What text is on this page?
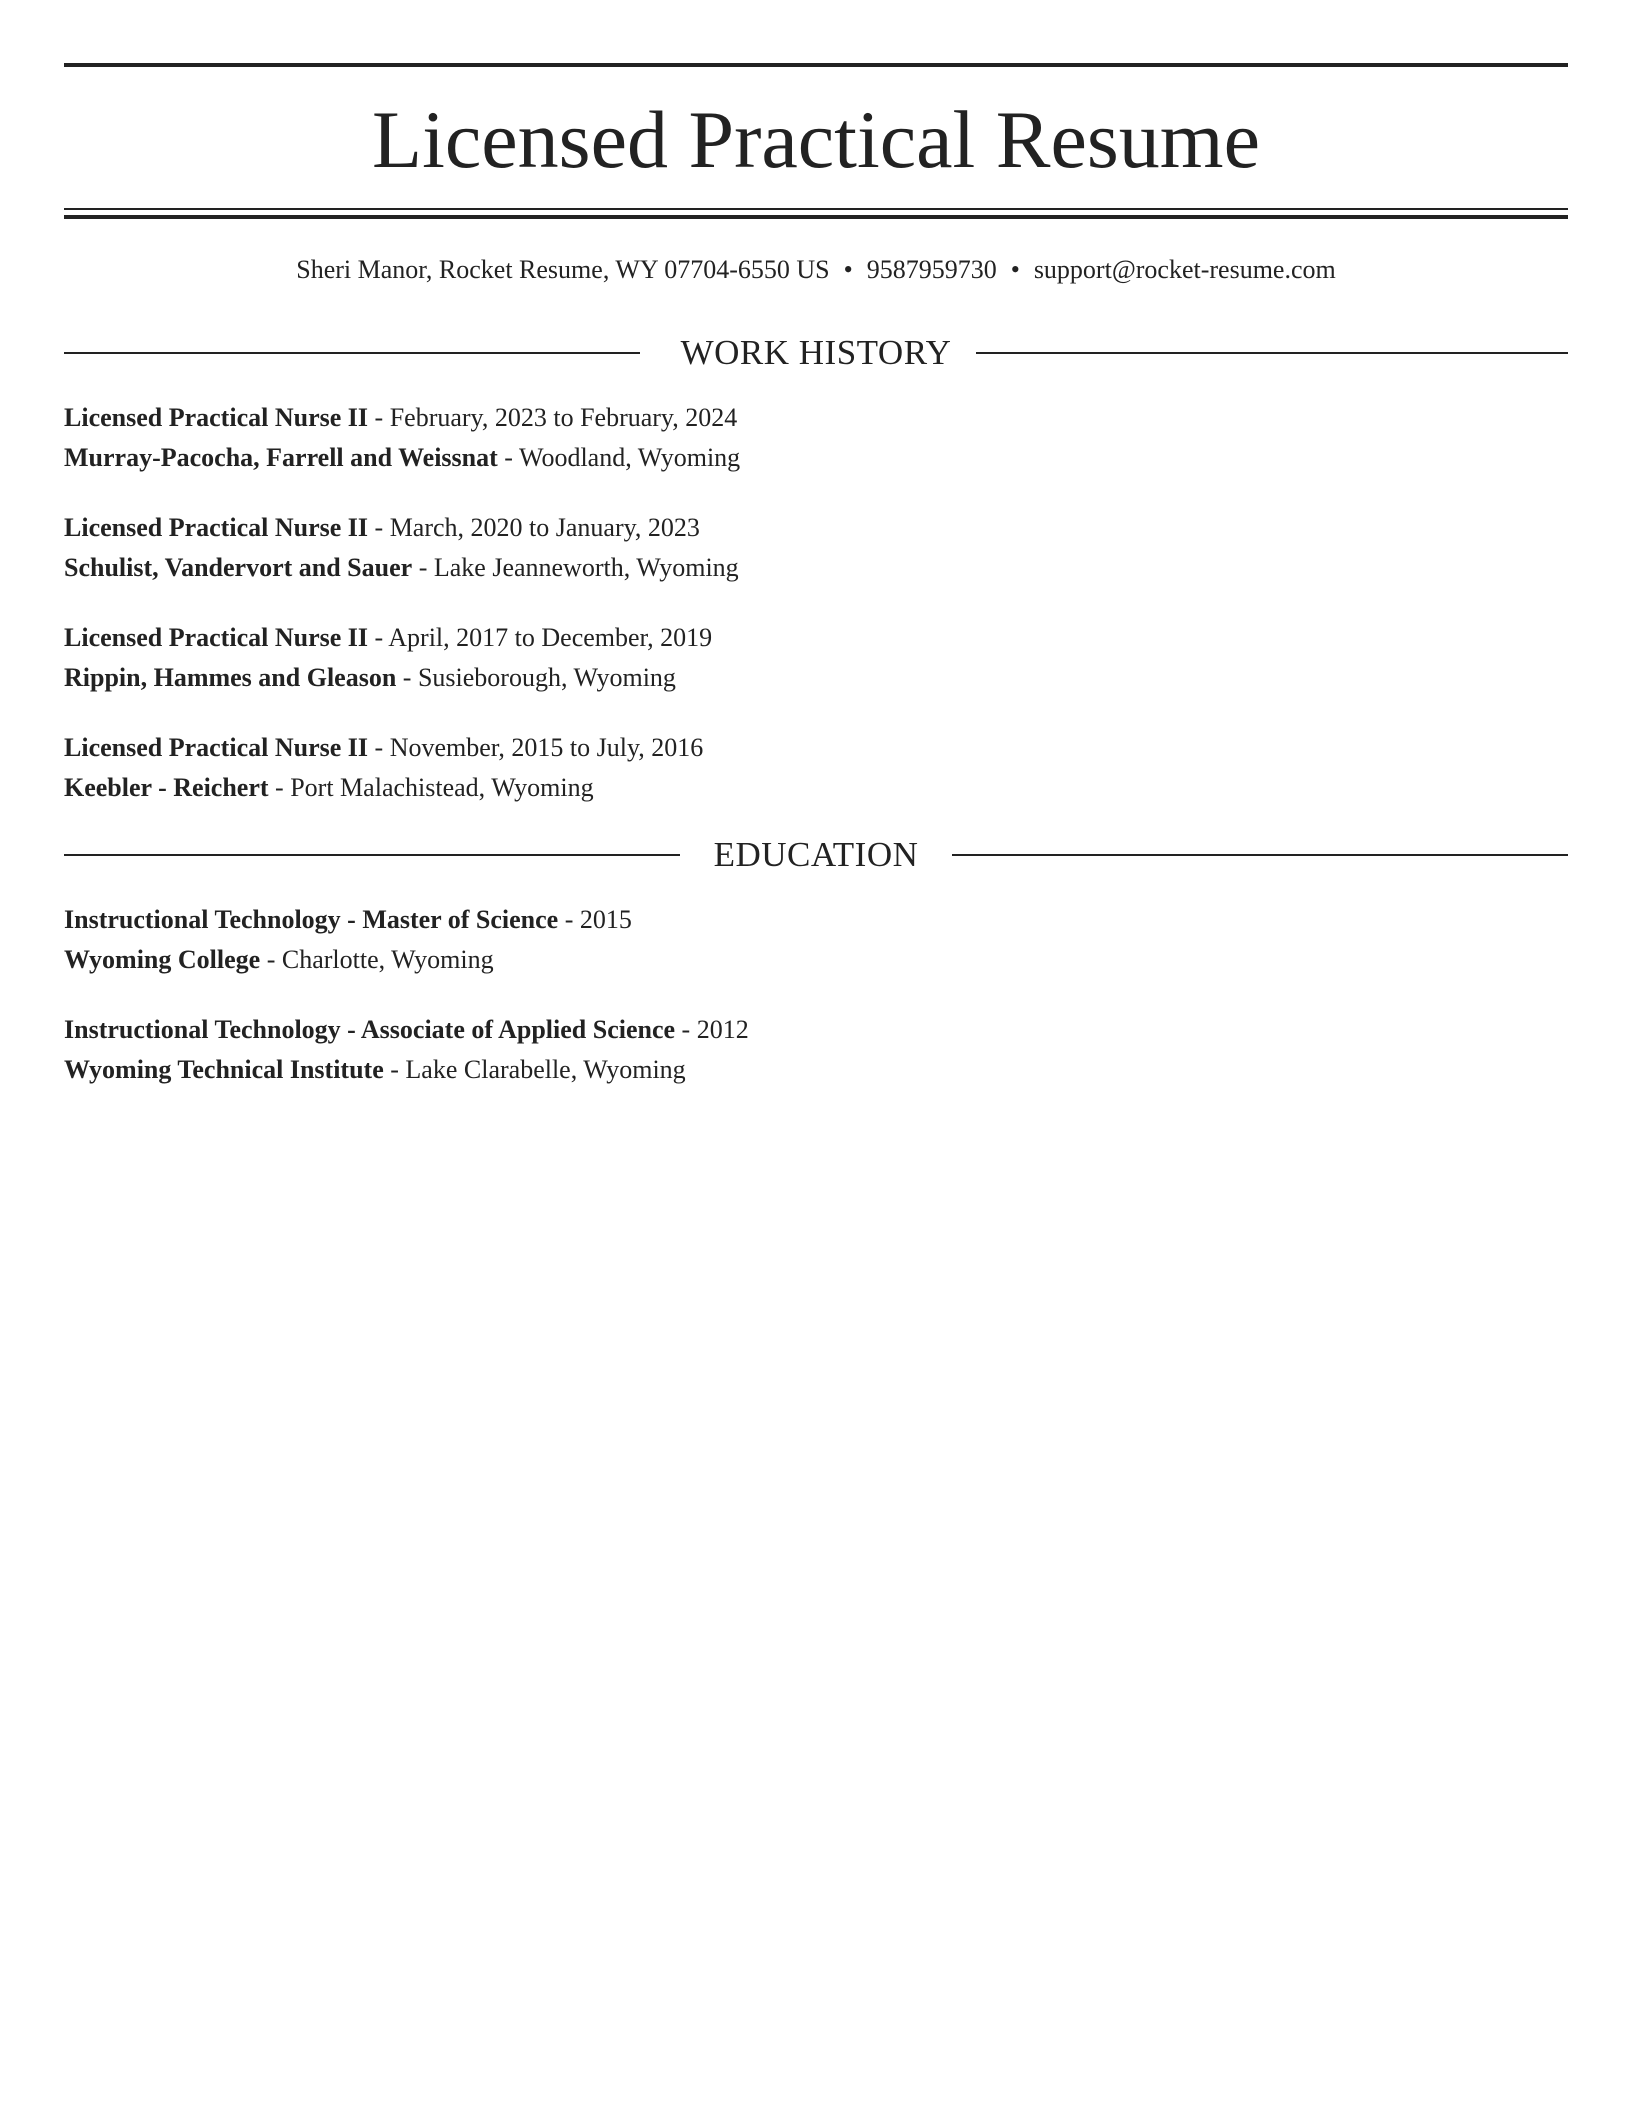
Licensed Practical Resume
Sheri Manor, Rocket Resume, WY 07704-6550 US • 9587959730 • support@rocket-resume.com
WORK HISTORY
Licensed Practical Nurse II - February, 2023 to February, 2024
Murray-Pacocha, Farrell and Weissnat - Woodland, Wyoming
Licensed Practical Nurse II - March, 2020 to January, 2023
Schulist, Vandervort and Sauer - Lake Jeanneworth, Wyoming
Licensed Practical Nurse II - April, 2017 to December, 2019
Rippin, Hammes and Gleason - Susieborough, Wyoming
Licensed Practical Nurse II - November, 2015 to July, 2016
Keebler - Reichert - Port Malachistead, Wyoming
EDUCATION
Instructional Technology - Master of Science - 2015
Wyoming College - Charlotte, Wyoming
Instructional Technology - Associate of Applied Science - 2012
Wyoming Technical Institute - Lake Clarabelle, Wyoming
